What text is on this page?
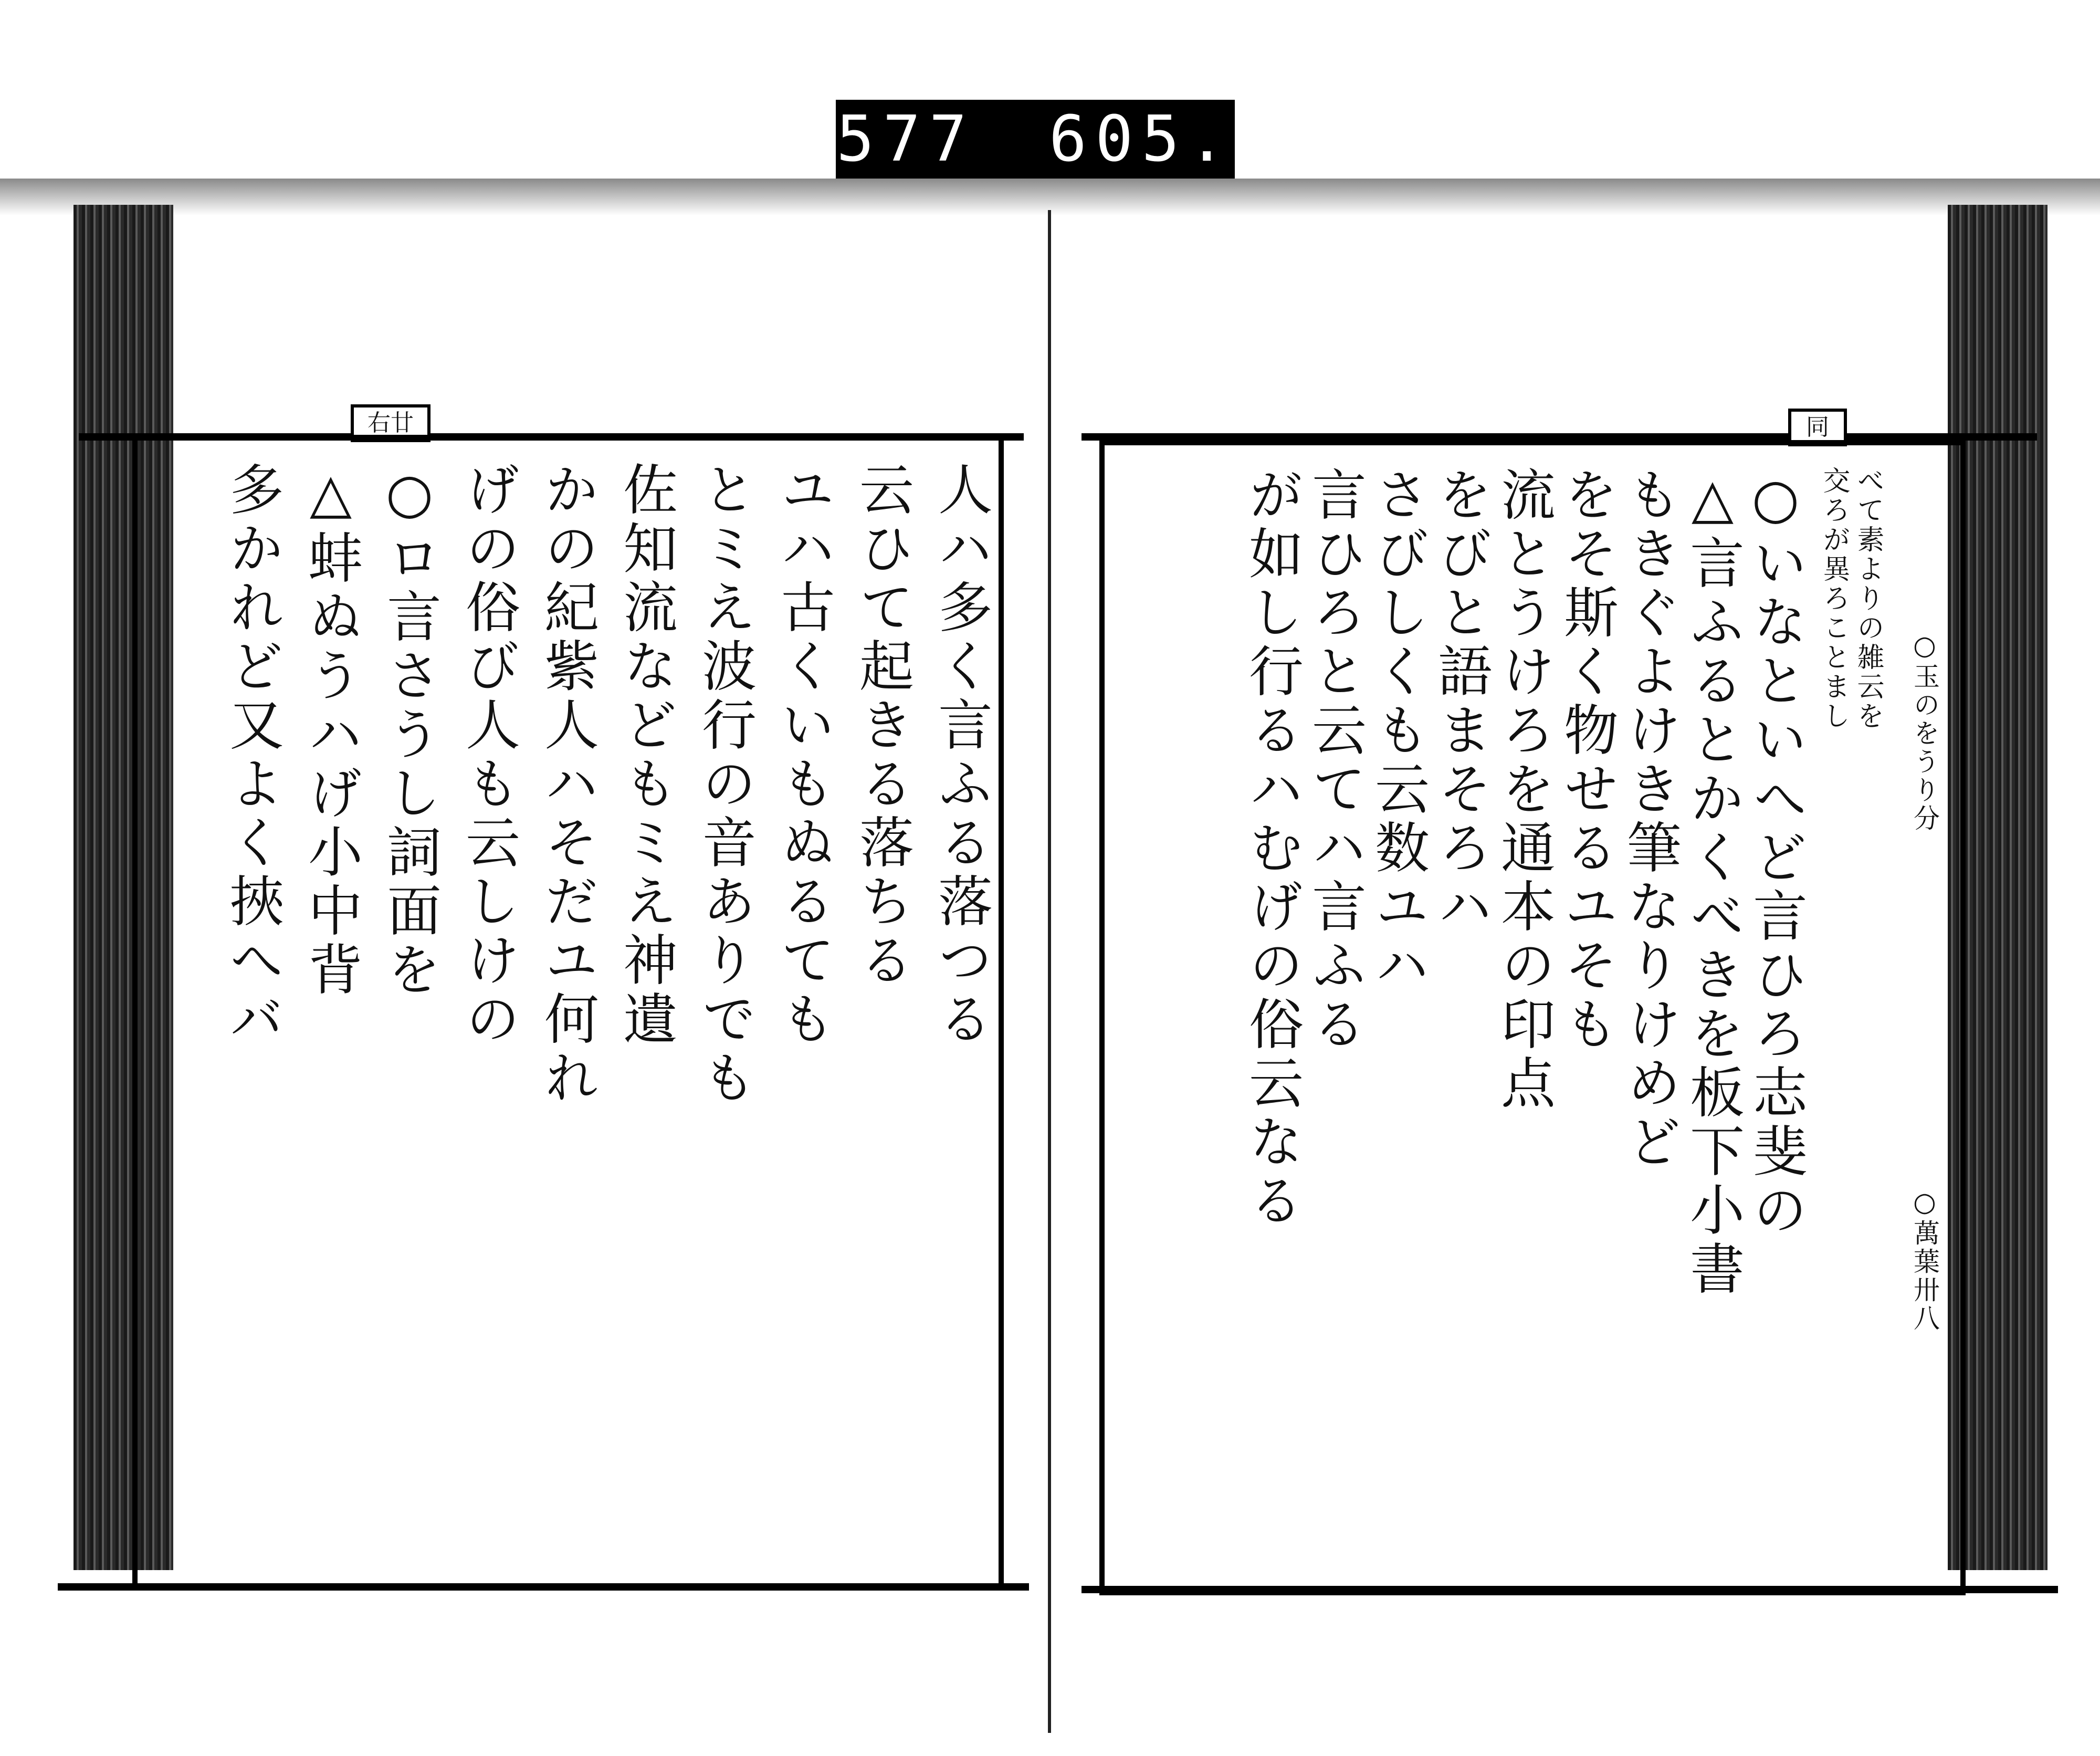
577 605.
右廿
人ハ多く言ふる落つる
云ひて起きる落ちる
ユハ古くいもぬるても
とミえ波行の音ありでも
佐知流などもミえ神遺
かの紀紫人ハそだユ何れ
げの俗び人も云しけの
○ロ言さうし詞面を
△蚌ぬうハげ小中背
多かれど又よく挾へバ
同
○玉のをうり分
○萬葉卅八
べて素よりの雑云を
交ろが異ろことまし
○いなといへど言ひろ志斐の
△言ふるとかくべきを板下小書
もきぐよけき筆なりけめど
をそ斯く物せるユそも
流とうけろを通本の印点
をびと語まそろハ
さびしくも云数ユハ
言ひろと云てハ言ふる
が如し行るハむげの俗云なる
